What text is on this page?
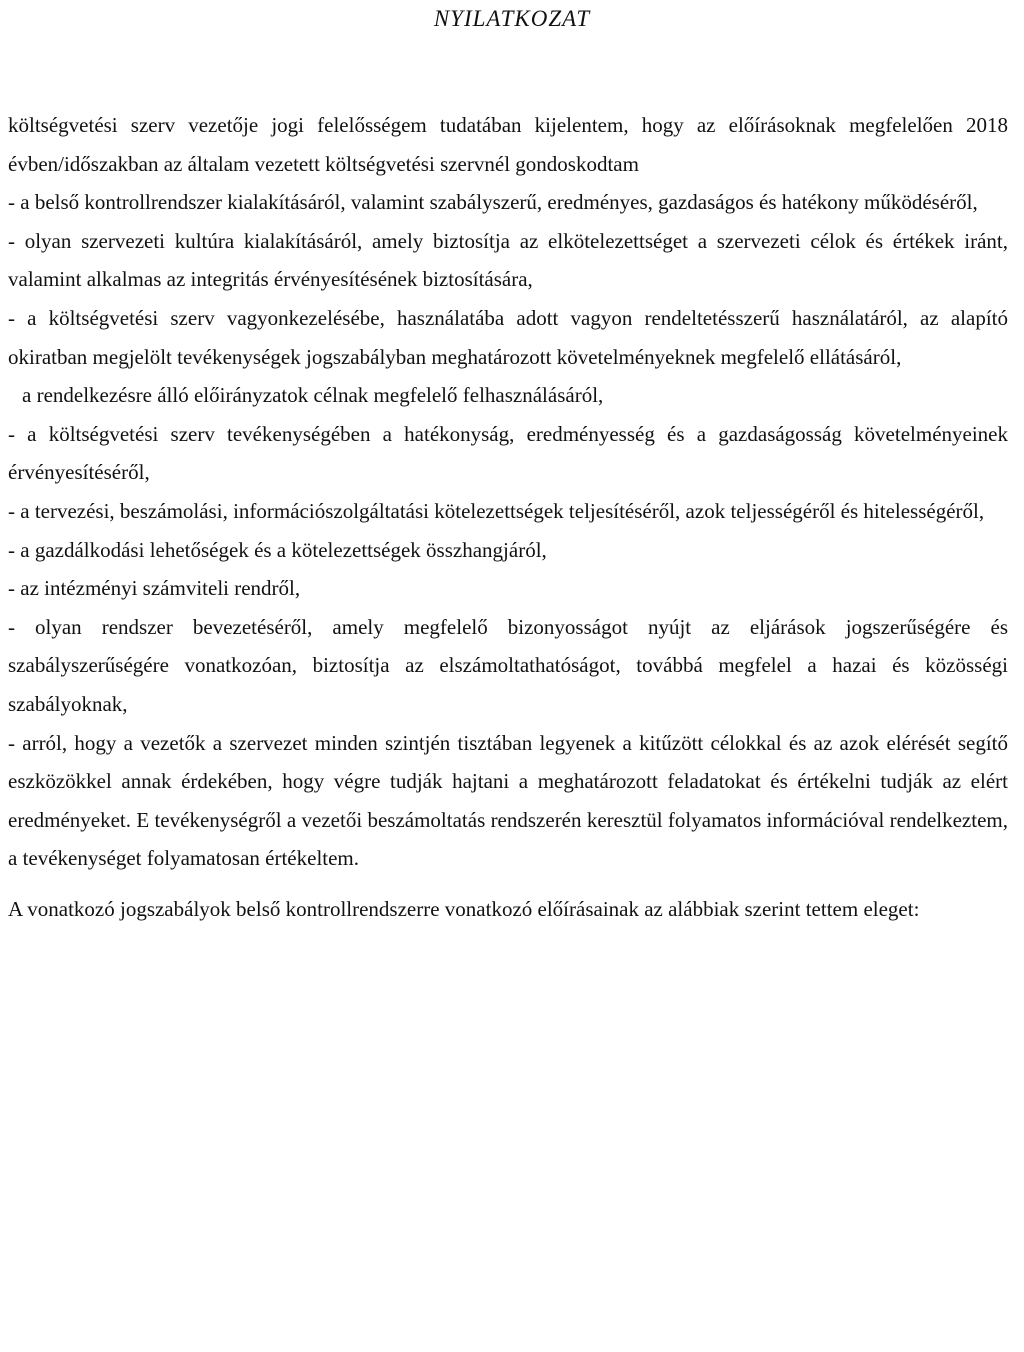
NYILATKOZAT

költségvetési szerv vezetője jogi felelősségem tudatában kijelentem, hogy az előírásoknak megfelelően 2018 évben/időszakban az általam vezetett költségvetési szervnél gondoskodtam

- a belső kontrollrendszer kialakításáról, valamint szabályszerű, eredményes, gazdaságos és hatékony működéséről,

- olyan szervezeti kultúra kialakításáról, amely biztosítja az elkötelezettséget a szervezeti célok és értékek iránt, valamint alkalmas az integritás érvényesítésének biztosítására,

- a költségvetési szerv vagyonkezelésébe, használatába adott vagyon rendeltetésszerű használatáról, az alapító okiratban megjelölt tevékenységek jogszabályban meghatározott követelményeknek megfelelő ellátásáról,

a rendelkezésre álló előirányzatok célnak megfelelő felhasználásáról,

- a költségvetési szerv tevékenységében a hatékonyság, eredményesség és a gazdaságosság követelményeinek érvényesítéséről,

- a tervezési, beszámolási, információszolgáltatási kötelezettségek teljesítéséről, azok teljességéről és hitelességéről,

- a gazdálkodási lehetőségek és a kötelezettségek összhangjáról,

- az intézményi számviteli rendről,

- olyan rendszer bevezetéséről, amely megfelelő bizonyosságot nyújt az eljárások jogszerűségére és szabályszerűségére vonatkozóan, biztosítja az elszámoltathatóságot, továbbá megfelel a hazai és közösségi szabályoknak,

- arról, hogy a vezetők a szervezet minden szintjén tisztában legyenek a kitűzött célokkal és az azok elérését segítő eszközökkel annak érdekében, hogy végre tudják hajtani a meghatározott feladatokat és értékelni tudják az elért eredményeket. E tevékenységről a vezetői beszámoltatás rendszerén keresztül folyamatos információval rendelkeztem, a tevékenységet folyamatosan értékeltem.

A vonatkozó jogszabályok belső kontrollrendszerre vonatkozó előírásainak az alábbiak szerint tettem eleget:
